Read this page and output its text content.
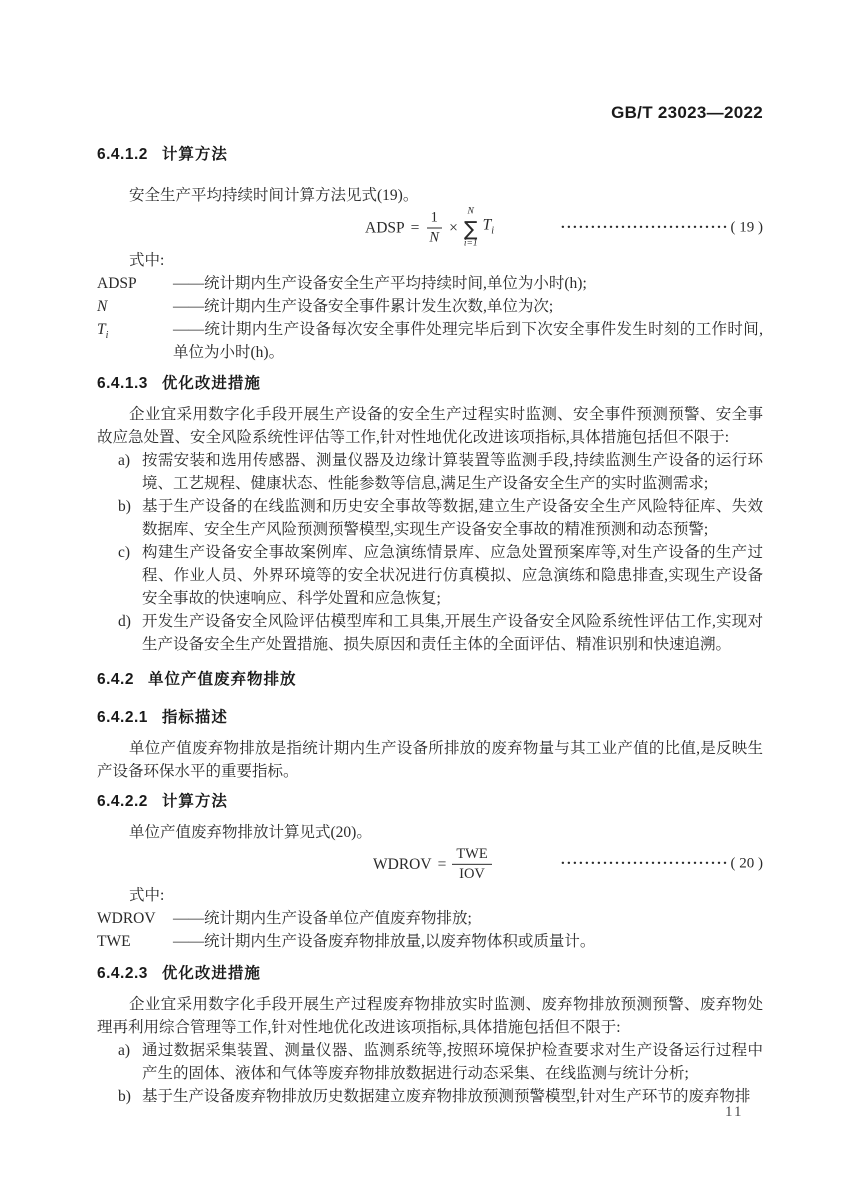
GB/T 23023—2022
6.4.1.2 计算方法

安全生产平均持续时间计算方法见式(19)。

ADSP = $\frac{1}{N}$ ×
N
∑
i=1
$T_i$	···························· ( 19 )

式中:

ADSP	——统计期内生产设备安全生产平均持续时间,单位为小时(h);
N	——统计期内生产设备安全事件累计发生次数,单位为次;
$T_i$	——统计期内生产设备每次安全事件处理完毕后到下次安全事件发生时刻的工作时间,单位为小时(h)。
6.4.1.3 优化改进措施

企业宜采用数字化手段开展生产设备的安全生产过程实时监测、安全事件预测预警、安全事故应急处置、安全风险系统性评估等工作,针对性地优化改进该项指标,具体措施包括但不限于:

a) 按需安装和选用传感器、测量仪器及边缘计算装置等监测手段,持续监测生产设备的运行环境、工艺规程、健康状态、性能参数等信息,满足生产设备安全生产的实时监测需求;
b) 基于生产设备的在线监测和历史安全事故等数据,建立生产设备安全生产风险特征库、失效数据库、安全生产风险预测预警模型,实现生产设备安全事故的精准预测和动态预警;
c) 构建生产设备安全事故案例库、应急演练情景库、应急处置预案库等,对生产设备的生产过程、作业人员、外界环境等的安全状况进行仿真模拟、应急演练和隐患排查,实现生产设备安全事故的快速响应、科学处置和应急恢复;
d) 开发生产设备安全风险评估模型库和工具集,开展生产设备安全风险系统性评估工作,实现对生产设备安全生产处置措施、损失原因和责任主体的全面评估、精准识别和快速追溯。
6.4.2 单位产值废弃物排放
6.4.2.1 指标描述

单位产值废弃物排放是指统计期内生产设备所排放的废弃物量与其工业产值的比值,是反映生产设备环保水平的重要指标。

6.4.2.2 计算方法

单位产值废弃物排放计算见式(20)。

WDROV = $\frac{\text{TWE}}{\text{IOV}}$	···························· ( 20 )

式中:

WDROV	——统计期内生产设备单位产值废弃物排放;
TWE	——统计期内生产设备废弃物排放量,以废弃物体积或质量计。
6.4.2.3 优化改进措施

企业宜采用数字化手段开展生产过程废弃物排放实时监测、废弃物排放预测预警、废弃物处理再利用综合管理等工作,针对性地优化改进该项指标,具体措施包括但不限于:

a) 通过数据采集装置、测量仪器、监测系统等,按照环境保护检查要求对生产设备运行过程中产生的固体、液体和气体等废弃物排放数据进行动态采集、在线监测与统计分析;
b) 基于生产设备废弃物排放历史数据建立废弃物排放预测预警模型,针对生产环节的废弃物排
11
